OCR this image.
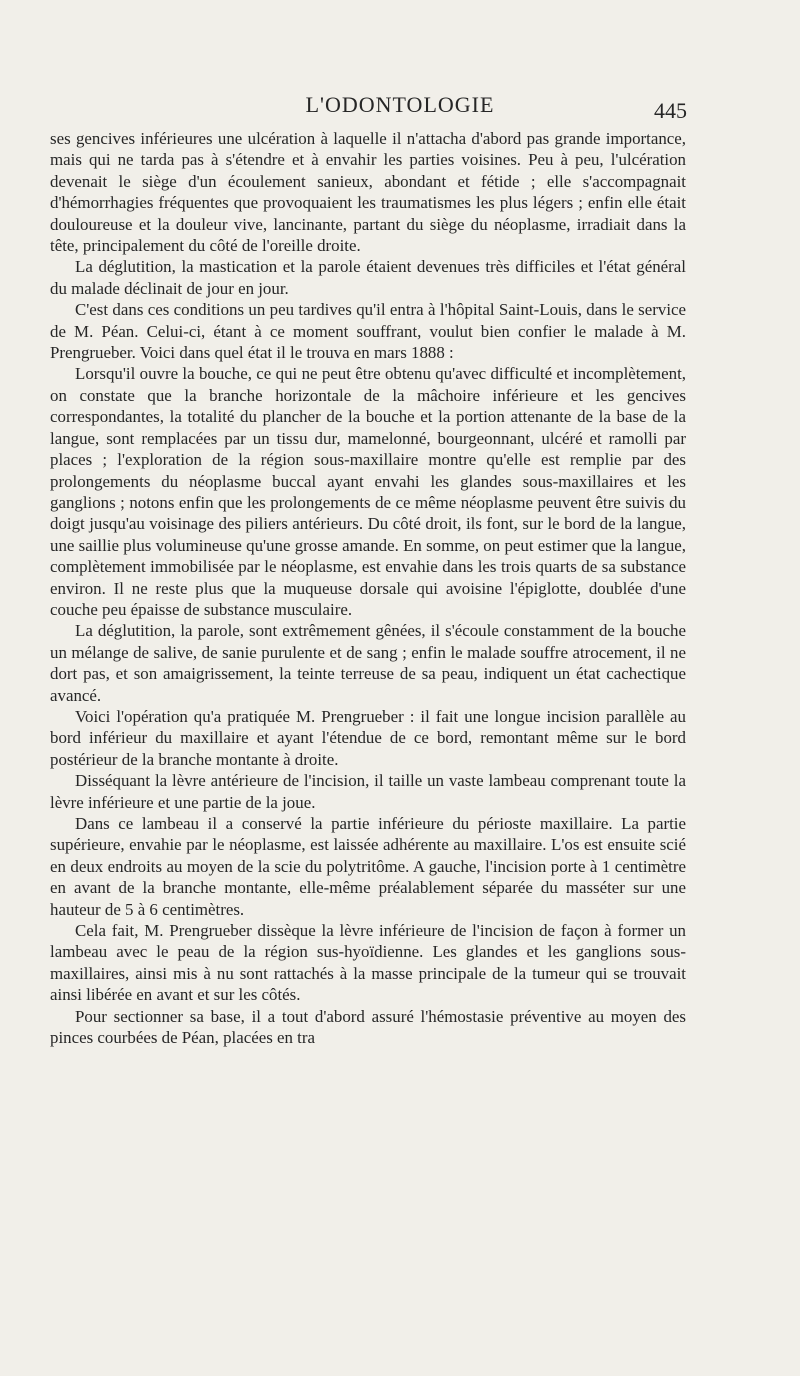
L'ODONTOLOGIE	445

ses gencives inférieures une ulcération à laquelle il n'attacha d'abord pas grande importance, mais qui ne tarda pas à s'étendre et à envahir les parties voisines. Peu à peu, l'ulcération devenait le siège d'un écoulement sanieux, abondant et fétide ; elle s'accompagnait d'hémorrhagies fréquentes que provoquaient les traumatismes les plus légers ; enfin elle était douloureuse et la douleur vive, lancinante, partant du siège du néoplasme, irradiait dans la tête, principalement du côté de l'oreille droite.

La déglutition, la mastication et la parole étaient devenues très difficiles et l'état général du malade déclinait de jour en jour.

C'est dans ces conditions un peu tardives qu'il entra à l'hôpital Saint-Louis, dans le service de M. Péan. Celui-ci, étant à ce moment souffrant, voulut bien confier le malade à M. Prengrueber. Voici dans quel état il le trouva en mars 1888 :

Lorsqu'il ouvre la bouche, ce qui ne peut être obtenu qu'avec difficulté et incomplètement, on constate que la branche horizontale de la mâchoire inférieure et les gencives correspondantes, la totalité du plancher de la bouche et la portion attenante de la base de la langue, sont remplacées par un tissu dur, mamelonné, bourgeonnant, ulcéré et ramolli par places ; l'exploration de la région sous-maxillaire montre qu'elle est remplie par des prolongements du néoplasme buccal ayant envahi les glandes sous-maxillaires et les ganglions ; notons enfin que les prolongements de ce même néoplasme peuvent être suivis du doigt jusqu'au voisinage des piliers antérieurs. Du côté droit, ils font, sur le bord de la langue, une saillie plus volumineuse qu'une grosse amande. En somme, on peut estimer que la langue, complètement immobilisée par le néoplasme, est envahie dans les trois quarts de sa substance environ. Il ne reste plus que la muqueuse dorsale qui avoisine l'épiglotte, doublée d'une couche peu épaisse de substance musculaire.

La déglutition, la parole, sont extrêmement gênées, il s'écoule constamment de la bouche un mélange de salive, de sanie purulente et de sang ; enfin le malade souffre atrocement, il ne dort pas, et son amaigrissement, la teinte terreuse de sa peau, indiquent un état cachectique avancé.

Voici l'opération qu'a pratiquée M. Prengrueber : il fait une longue incision parallèle au bord inférieur du maxillaire et ayant l'étendue de ce bord, remontant même sur le bord postérieur de la branche montante à droite.

Disséquant la lèvre antérieure de l'incision, il taille un vaste lambeau comprenant toute la lèvre inférieure et une partie de la joue.

Dans ce lambeau il a conservé la partie inférieure du périoste maxillaire. La partie supérieure, envahie par le néoplasme, est laissée adhérente au maxillaire. L'os est ensuite scié en deux endroits au moyen de la scie du polytritôme. A gauche, l'incision porte à 1 centimètre en avant de la branche montante, elle-même préalablement séparée du masséter sur une hauteur de 5 à 6 centimètres.

Cela fait, M. Prengrueber dissèque la lèvre inférieure de l'incision de façon à former un lambeau avec le peau de la région sus-hyoïdienne. Les glandes et les ganglions sous-maxillaires, ainsi mis à nu sont rattachés à la masse principale de la tumeur qui se trouvait ainsi libérée en avant et sur les côtés.

Pour sectionner sa base, il a tout d'abord assuré l'hémostasie préventive au moyen des pinces courbées de Péan, placées en tra
